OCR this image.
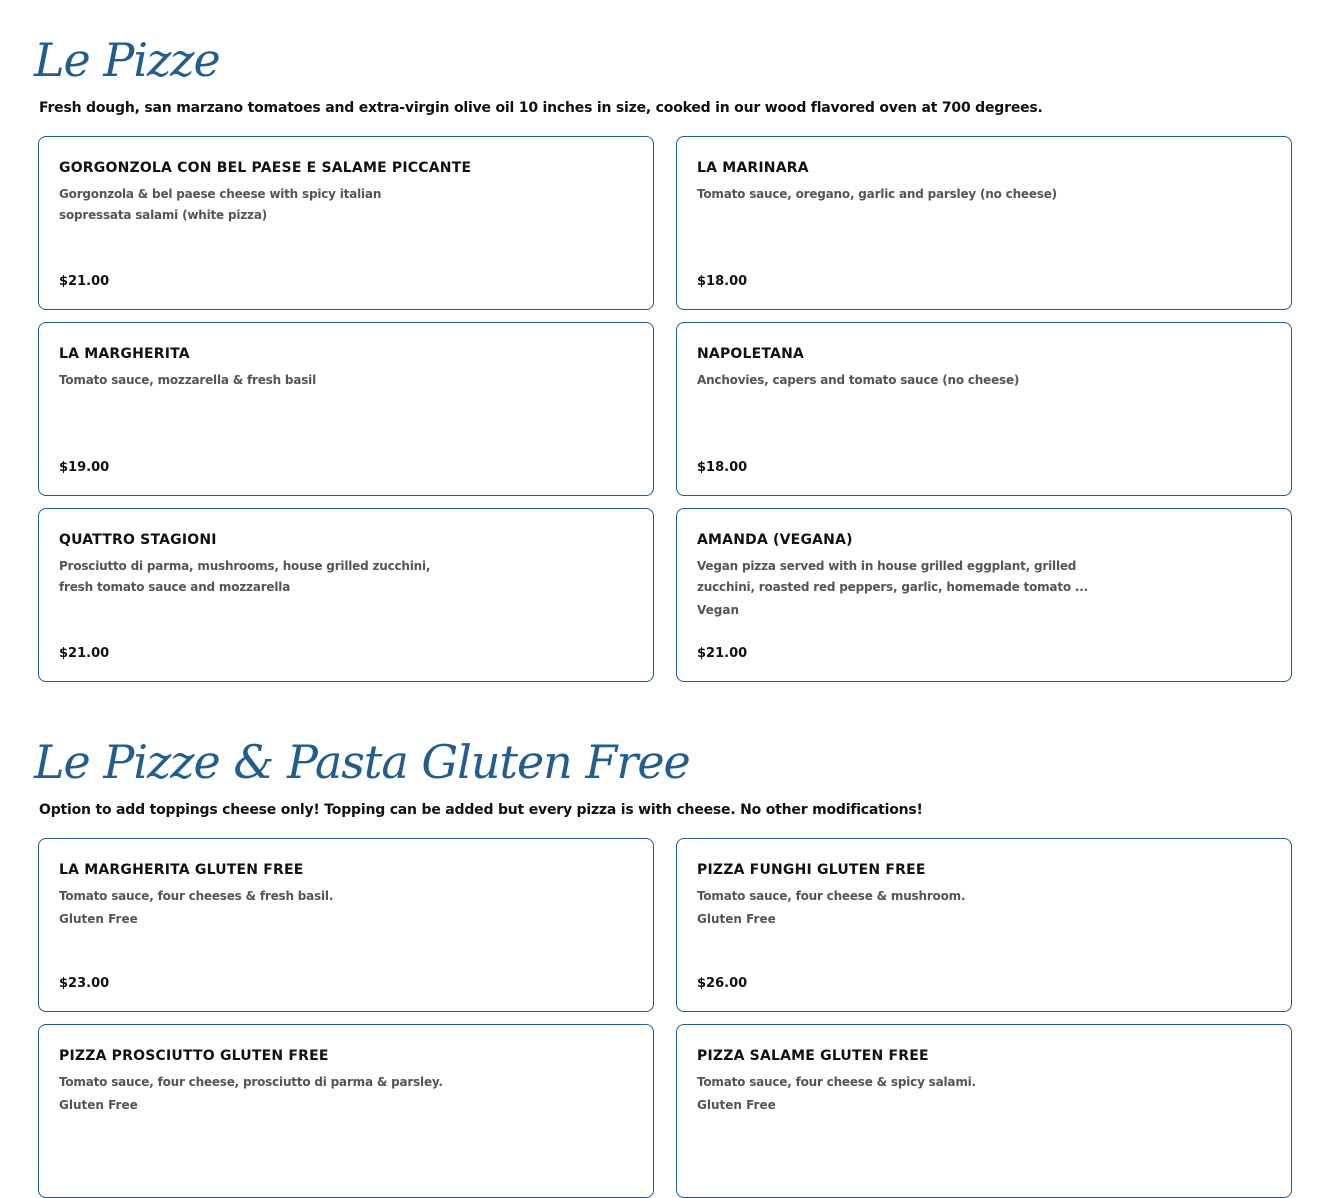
Le Pizze
Fresh dough, san marzano tomatoes and extra-virgin olive oil 10 inches in size, cooked in our wood flavored oven at 700 degrees.
GORGONZOLA CON BEL PAESE E SALAME PICCANTE
Gorgonzola & bel paese cheese with spicy italian sopressata salami (white pizza)
$21.00
LA MARINARA
Tomato sauce, oregano, garlic and parsley (no cheese)
$18.00
LA MARGHERITA
Tomato sauce, mozzarella & fresh basil
$19.00
NAPOLETANA
Anchovies, capers and tomato sauce (no cheese)
$18.00
QUATTRO STAGIONI
Prosciutto di parma, mushrooms, house grilled zucchini, fresh tomato sauce and mozzarella
$21.00
AMANDA (VEGANA)
Vegan pizza served with in house grilled eggplant, grilled zucchini, roasted red peppers, garlic, homemade tomato ...
Vegan
$21.00
Le Pizze & Pasta Gluten Free
Option to add toppings cheese only! Topping can be added but every pizza is with cheese. No other modifications!
LA MARGHERITA GLUTEN FREE
Tomato sauce, four cheeses & fresh basil.
Gluten Free
$23.00
PIZZA FUNGHI GLUTEN FREE
Tomato sauce, four cheese & mushroom.
Gluten Free
$26.00
PIZZA PROSCIUTTO GLUTEN FREE
Tomato sauce, four cheese, prosciutto di parma & parsley.
Gluten Free
PIZZA SALAME GLUTEN FREE
Tomato sauce, four cheese & spicy salami.
Gluten Free
